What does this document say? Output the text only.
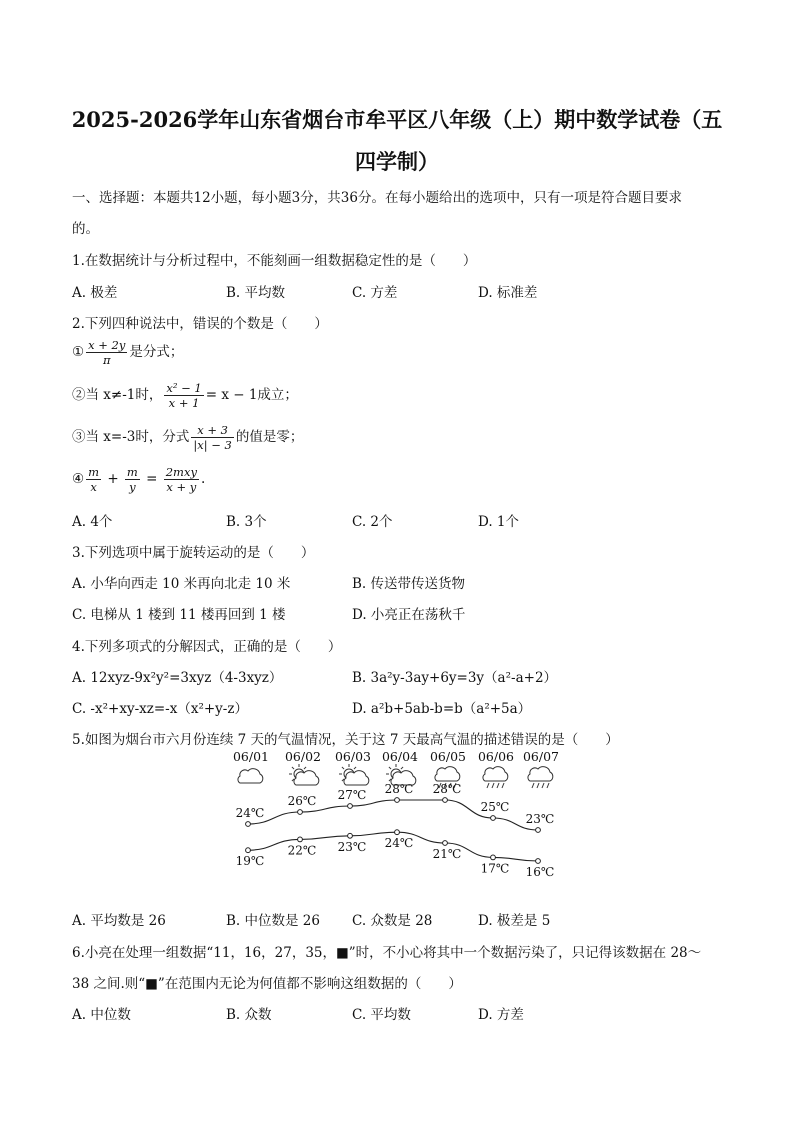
2025-2026学年山东省烟台市牟平区八年级（上）期中数学试卷（五
四学制）
一、选择题：本题共12小题，每小题3分，共36分。在每小题给出的选项中，只有一项是符合题目要求
的。
1.在数据统计与分析过程中，不能刻画一组数据稳定性的是（　　）
A. 极差	B. 平均数	C. 方差	D. 标准差
2.下列四种说法中，错误的个数是（　　）
① $\frac{x + 2y}{\pi}$ 是分式；
②当 x≠-1时， $\frac{\text{x² − 1}}{x + 1} = x - 1$成立；
③当 x=-3时，分式 $\frac{x + 3}{|x| - 3}$ 的值是零；
④ $\frac{m}{x} + \frac{m}{y} = \frac{\text{2mxy}}{x + y}$ .
A. 4个	B. 3个	C. 2个	D. 1个
3.下列选项中属于旋转运动的是（　　）
A. 小华向西走 10 米再向北走 10 米	B. 传送带传送货物
C. 电梯从 1 楼到 11 楼再回到 1 楼	D. 小亮正在荡秋千
4.下列多项式的分解因式，正确的是（　　）
A. 12xyz-9x²y²=3xyz（4-3xyz）	B. 3a²y-3ay+6y=3y（a²-a+2）
C. -x²+xy-xz=-x（x²+y-z）	D. a²b+5ab-b=b（a²+5a）
5.如图为烟台市六月份连续 7 天的气温情况，关于这 7 天最高气温的描述错误的是（　　）
06/01 06/02 06/03 06/04 06/05 06/06 06/07
24℃
26℃ 27℃ 28℃ 28℃
25℃
23℃
19℃
22℃ 23℃ 24℃
21℃
17℃ 16℃
A. 平均数是 26	B. 中位数是 26 C. 众数是 28	D. 极差是 5
6.小亮在处理一组数据“11，16，27，35，■”时，不小心将其中一个数据污染了，只记得该数据在 28～
38 之间.则“■”在范围内无论为何值都不影响这组数据的（　　）
A. 中位数	B. 众数	C. 平均数	D. 方差
